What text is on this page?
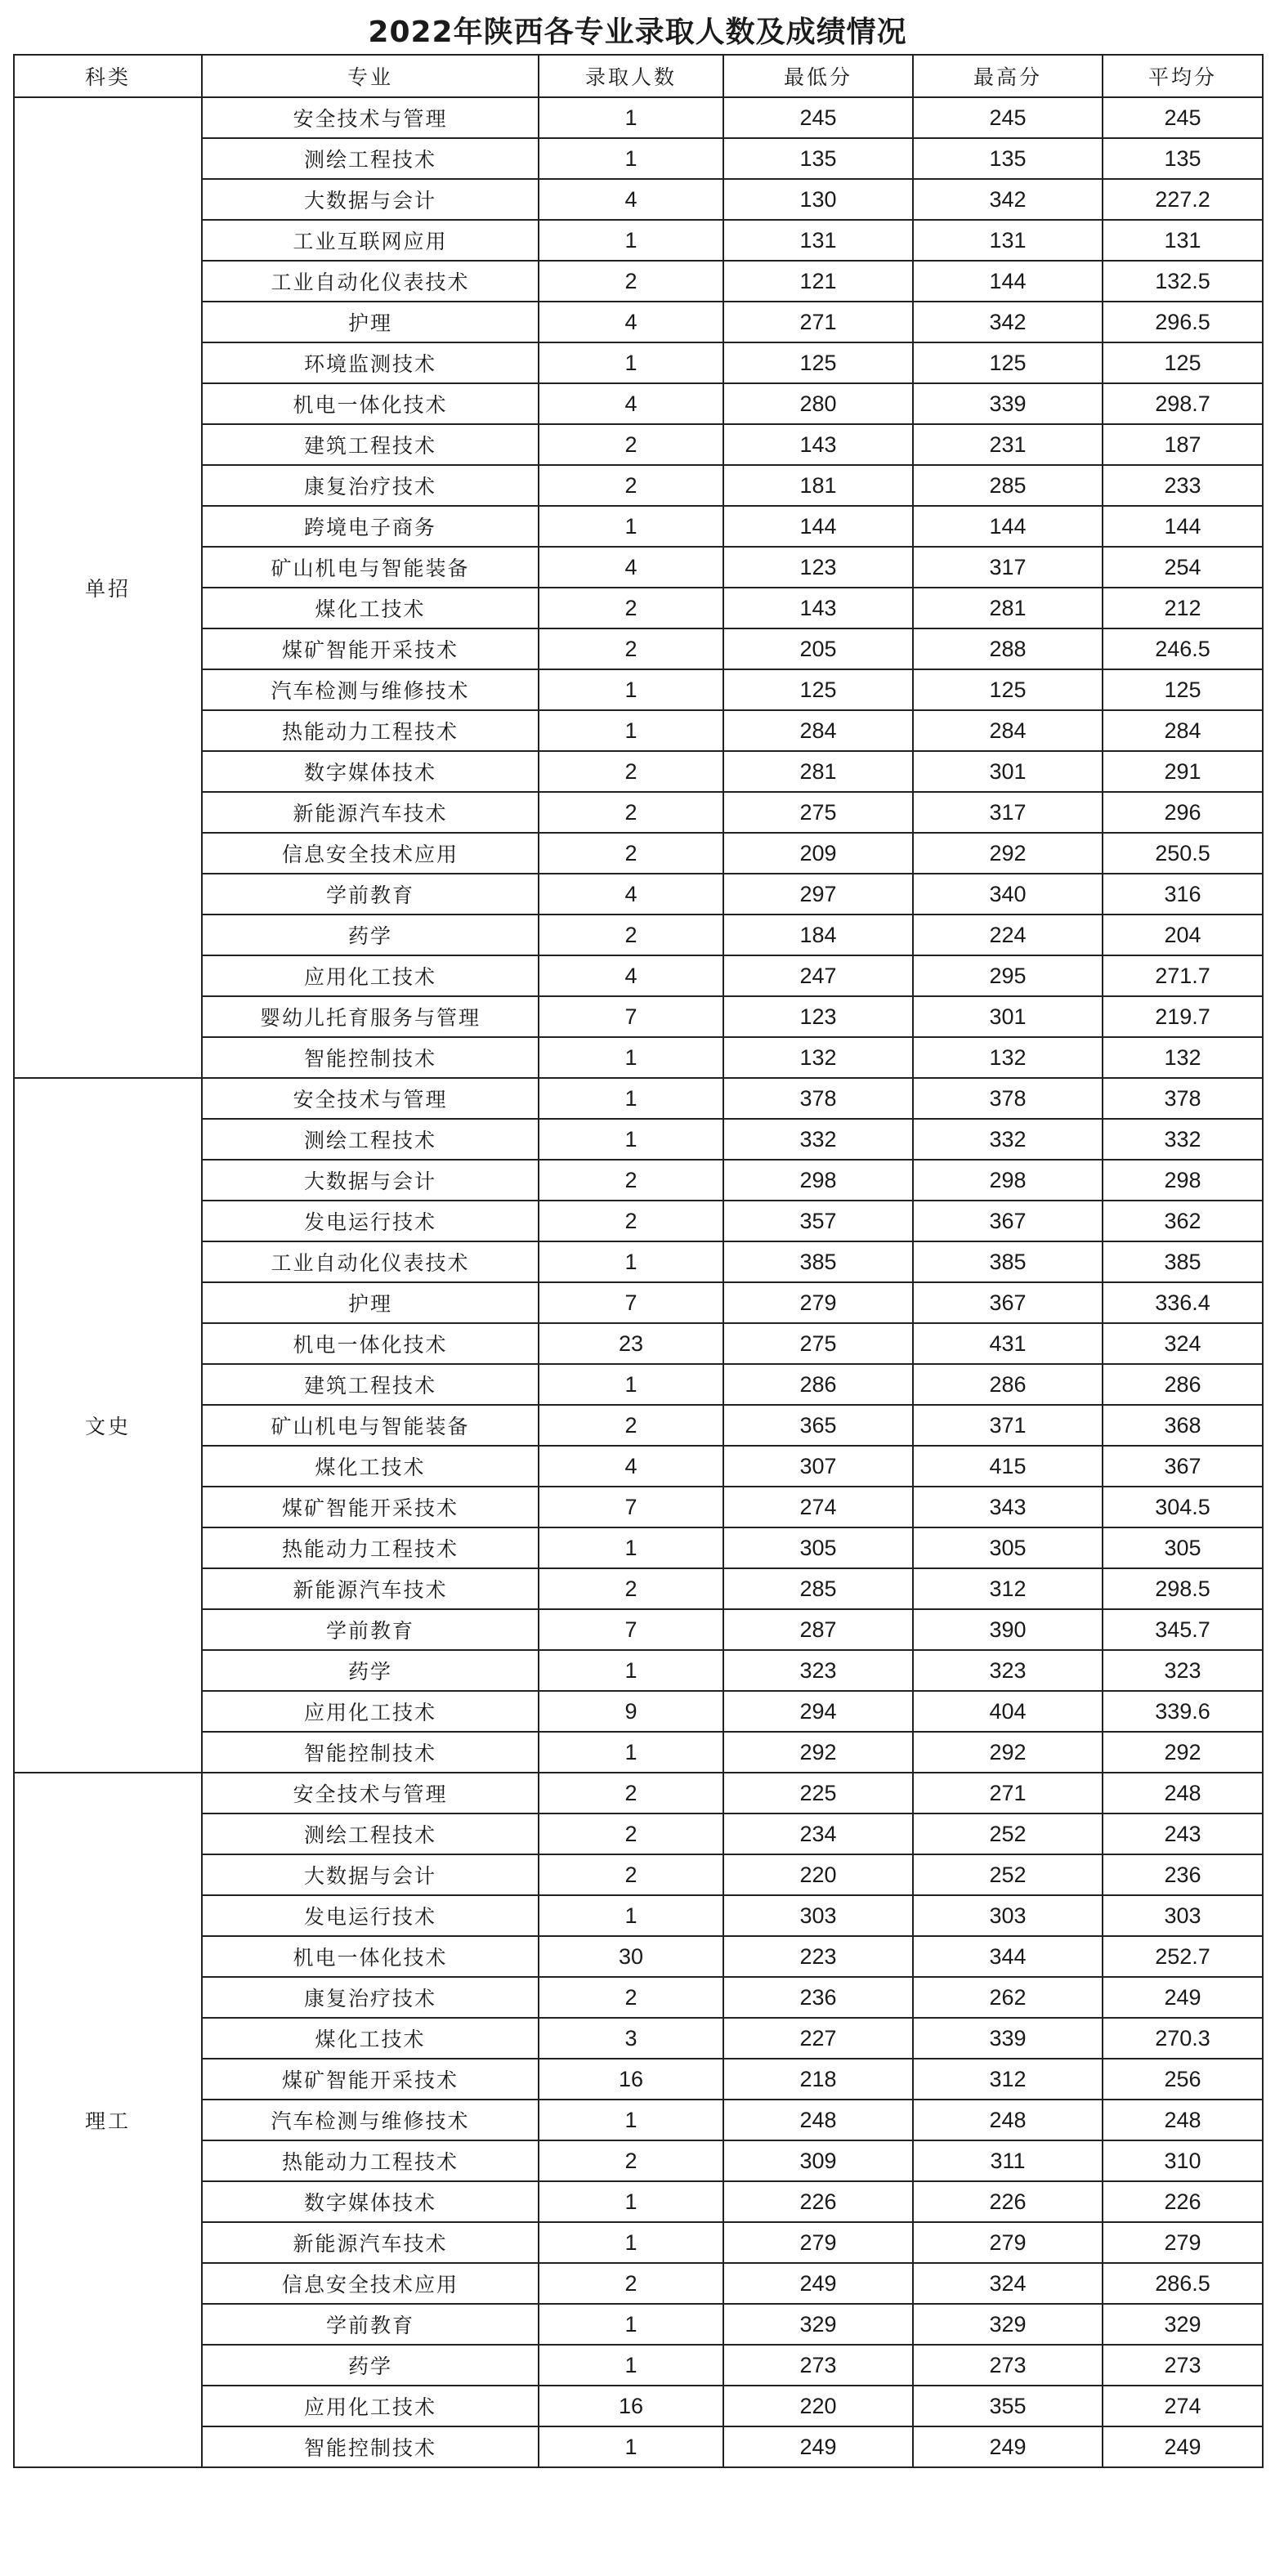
2022年陕西各专业录取人数及成绩情况
科类	专业	录取人数	最低分	最高分	平均分
单招	安全技术与管理	1	245	245	245
	测绘工程技术	1	135	135	135
	大数据与会计	4	130	342	227.2
	工业互联网应用	1	131	131	131
	工业自动化仪表技术	2	121	144	132.5
	护理	4	271	342	296.5
	环境监测技术	1	125	125	125
	机电一体化技术	4	280	339	298.7
	建筑工程技术	2	143	231	187
	康复治疗技术	2	181	285	233
	跨境电子商务	1	144	144	144
	矿山机电与智能装备	4	123	317	254
	煤化工技术	2	143	281	212
	煤矿智能开采技术	2	205	288	246.5
	汽车检测与维修技术	1	125	125	125
	热能动力工程技术	1	284	284	284
	数字媒体技术	2	281	301	291
	新能源汽车技术	2	275	317	296
	信息安全技术应用	2	209	292	250.5
	学前教育	4	297	340	316
	药学	2	184	224	204
	应用化工技术	4	247	295	271.7
	婴幼儿托育服务与管理	7	123	301	219.7
	智能控制技术	1	132	132	132
文史	安全技术与管理	1	378	378	378
	测绘工程技术	1	332	332	332
	大数据与会计	2	298	298	298
	发电运行技术	2	357	367	362
	工业自动化仪表技术	1	385	385	385
	护理	7	279	367	336.4
	机电一体化技术	23	275	431	324
	建筑工程技术	1	286	286	286
	矿山机电与智能装备	2	365	371	368
	煤化工技术	4	307	415	367
	煤矿智能开采技术	7	274	343	304.5
	热能动力工程技术	1	305	305	305
	新能源汽车技术	2	285	312	298.5
	学前教育	7	287	390	345.7
	药学	1	323	323	323
	应用化工技术	9	294	404	339.6
	智能控制技术	1	292	292	292
理工	安全技术与管理	2	225	271	248
	测绘工程技术	2	234	252	243
	大数据与会计	2	220	252	236
	发电运行技术	1	303	303	303
	机电一体化技术	30	223	344	252.7
	康复治疗技术	2	236	262	249
	煤化工技术	3	227	339	270.3
	煤矿智能开采技术	16	218	312	256
	汽车检测与维修技术	1	248	248	248
	热能动力工程技术	2	309	311	310
	数字媒体技术	1	226	226	226
	新能源汽车技术	1	279	279	279
	信息安全技术应用	2	249	324	286.5
	学前教育	1	329	329	329
	药学	1	273	273	273
	应用化工技术	16	220	355	274
	智能控制技术	1	249	249	249
